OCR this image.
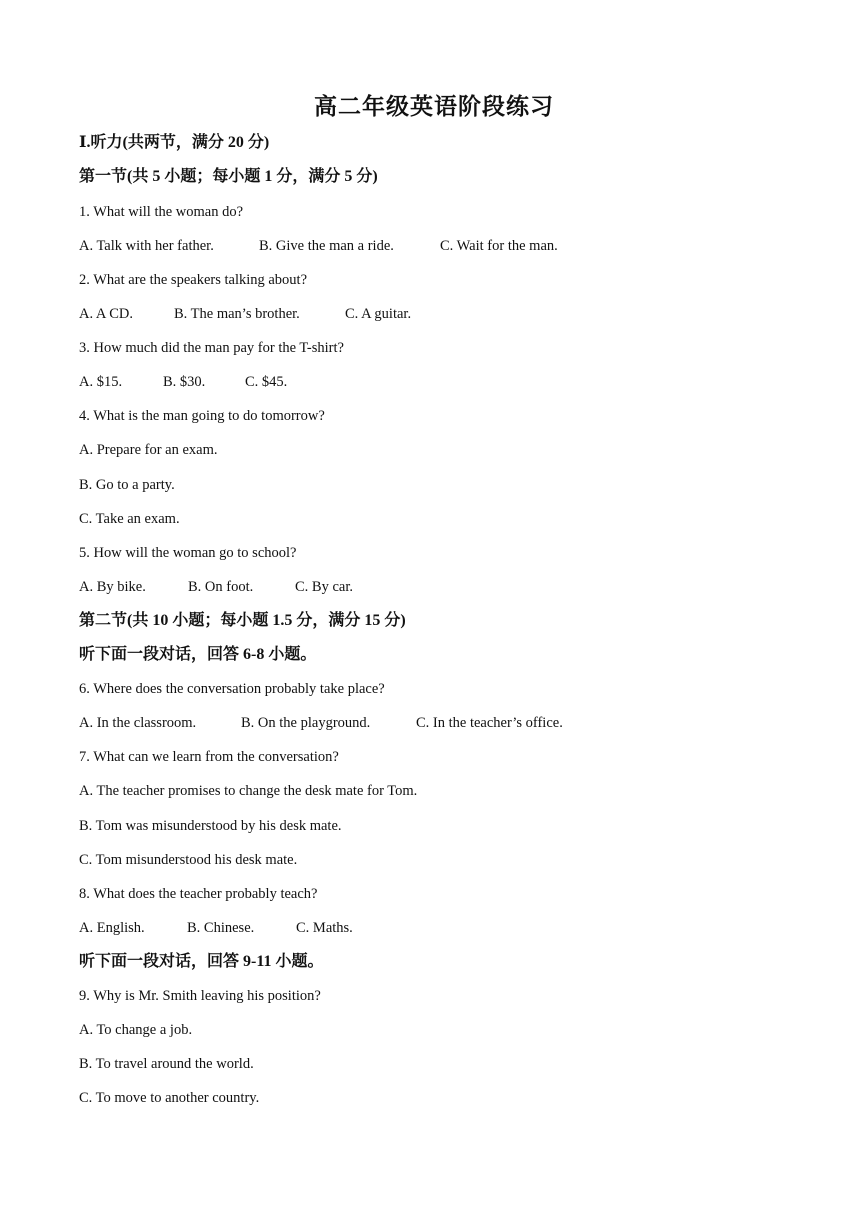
高二年级英语阶段练习
Ⅰ.听力(共两节，满分 20 分)
第一节(共 5 小题；每小题 1 分，满分 5 分)
1. What will the woman do?
A. Talk with her father.	B. Give the man a ride.	C. Wait for the man.
2. What are the speakers talking about?
A. A CD.	B. The man’s brother.	C. A guitar.
3. How much did the man pay for the T-shirt?
A. $15.	B. $30.	C. $45.
4. What is the man going to do tomorrow?
A. Prepare for an exam.
B. Go to a party.
C. Take an exam.
5. How will the woman go to school?
A. By bike.	B. On foot.	C. By car.
第二节(共 10 小题；每小题 1.5 分，满分 15 分)
听下面一段对话，回答 6-8 小题。
6. Where does the conversation probably take place?
A. In the classroom.	B. On the playground.	C. In the teacher’s office.
7. What can we learn from the conversation?
A. The teacher promises to change the desk mate for Tom.
B. Tom was misunderstood by his desk mate.
C. Tom misunderstood his desk mate.
8. What does the teacher probably teach?
A. English.	B. Chinese.	C. Maths.
听下面一段对话，回答 9-11 小题。
9. Why is Mr. Smith leaving his position?
A. To change a job.
B. To travel around the world.
C. To move to another country.
